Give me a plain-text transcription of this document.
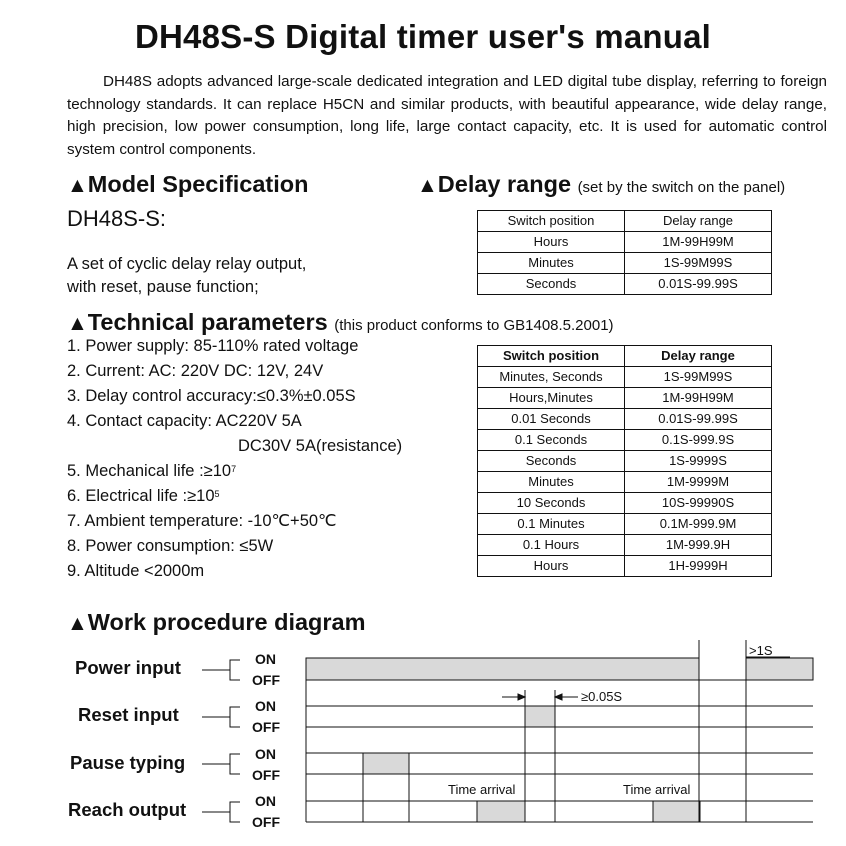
DH48S-S Digital timer user's manual
DH48S adopts advanced large-scale dedicated integration and LED digital tube display, referring to foreign technology standards. It can replace H5CN and similar products, with beautiful appearance, wide delay range, high precision, low power consumption, long life, large contact capacity, etc. It is used for automatic control system control components.
▲Model Specification
DH48S-S:
A set of cyclic delay relay output,
with reset, pause function;
▲Delay range (set by the switch on the panel)
Switch position	Delay range
Hours	1M-99H99M
Minutes	1S-99M99S
Seconds	0.01S-99.99S
▲Technical parameters (this product conforms to GB1408.5.2001)
1. Power supply: 85-110% rated voltage
2. Current: AC: 220V DC: 12V, 24V
3. Delay control accuracy:≤0.3%±0.05S
4. Contact capacity: AC220V 5A
DC30V 5A(resistance)
5. Mechanical life $:\ge 10^7$
6. Electrical life $:\ge 10^5$
7. Ambient temperature: -10℃+50℃
8. Power consumption: ≤5W
9. Altitude <2000m
Switch position	Delay range
Minutes, Seconds	1S-99M99S
Hours,Minutes	1M-99H99M
0.01 Seconds	0.01S-99.99S
0.1 Seconds	0.1S-999.9S
Seconds	1S-9999S
Minutes	1M-9999M
10 Seconds	10S-99990S
0.1 Minutes	0.1M-999.9M
0.1 Hours	1M-999.9H
Hours	1H-9999H
▲Work procedure diagram
Power input
Reset input
Pause typing
Reach output
ON
OFF
ON
OFF
ON
OFF
ON
OFF
>1S
≥0.05S
Time arrival	Time arrival
